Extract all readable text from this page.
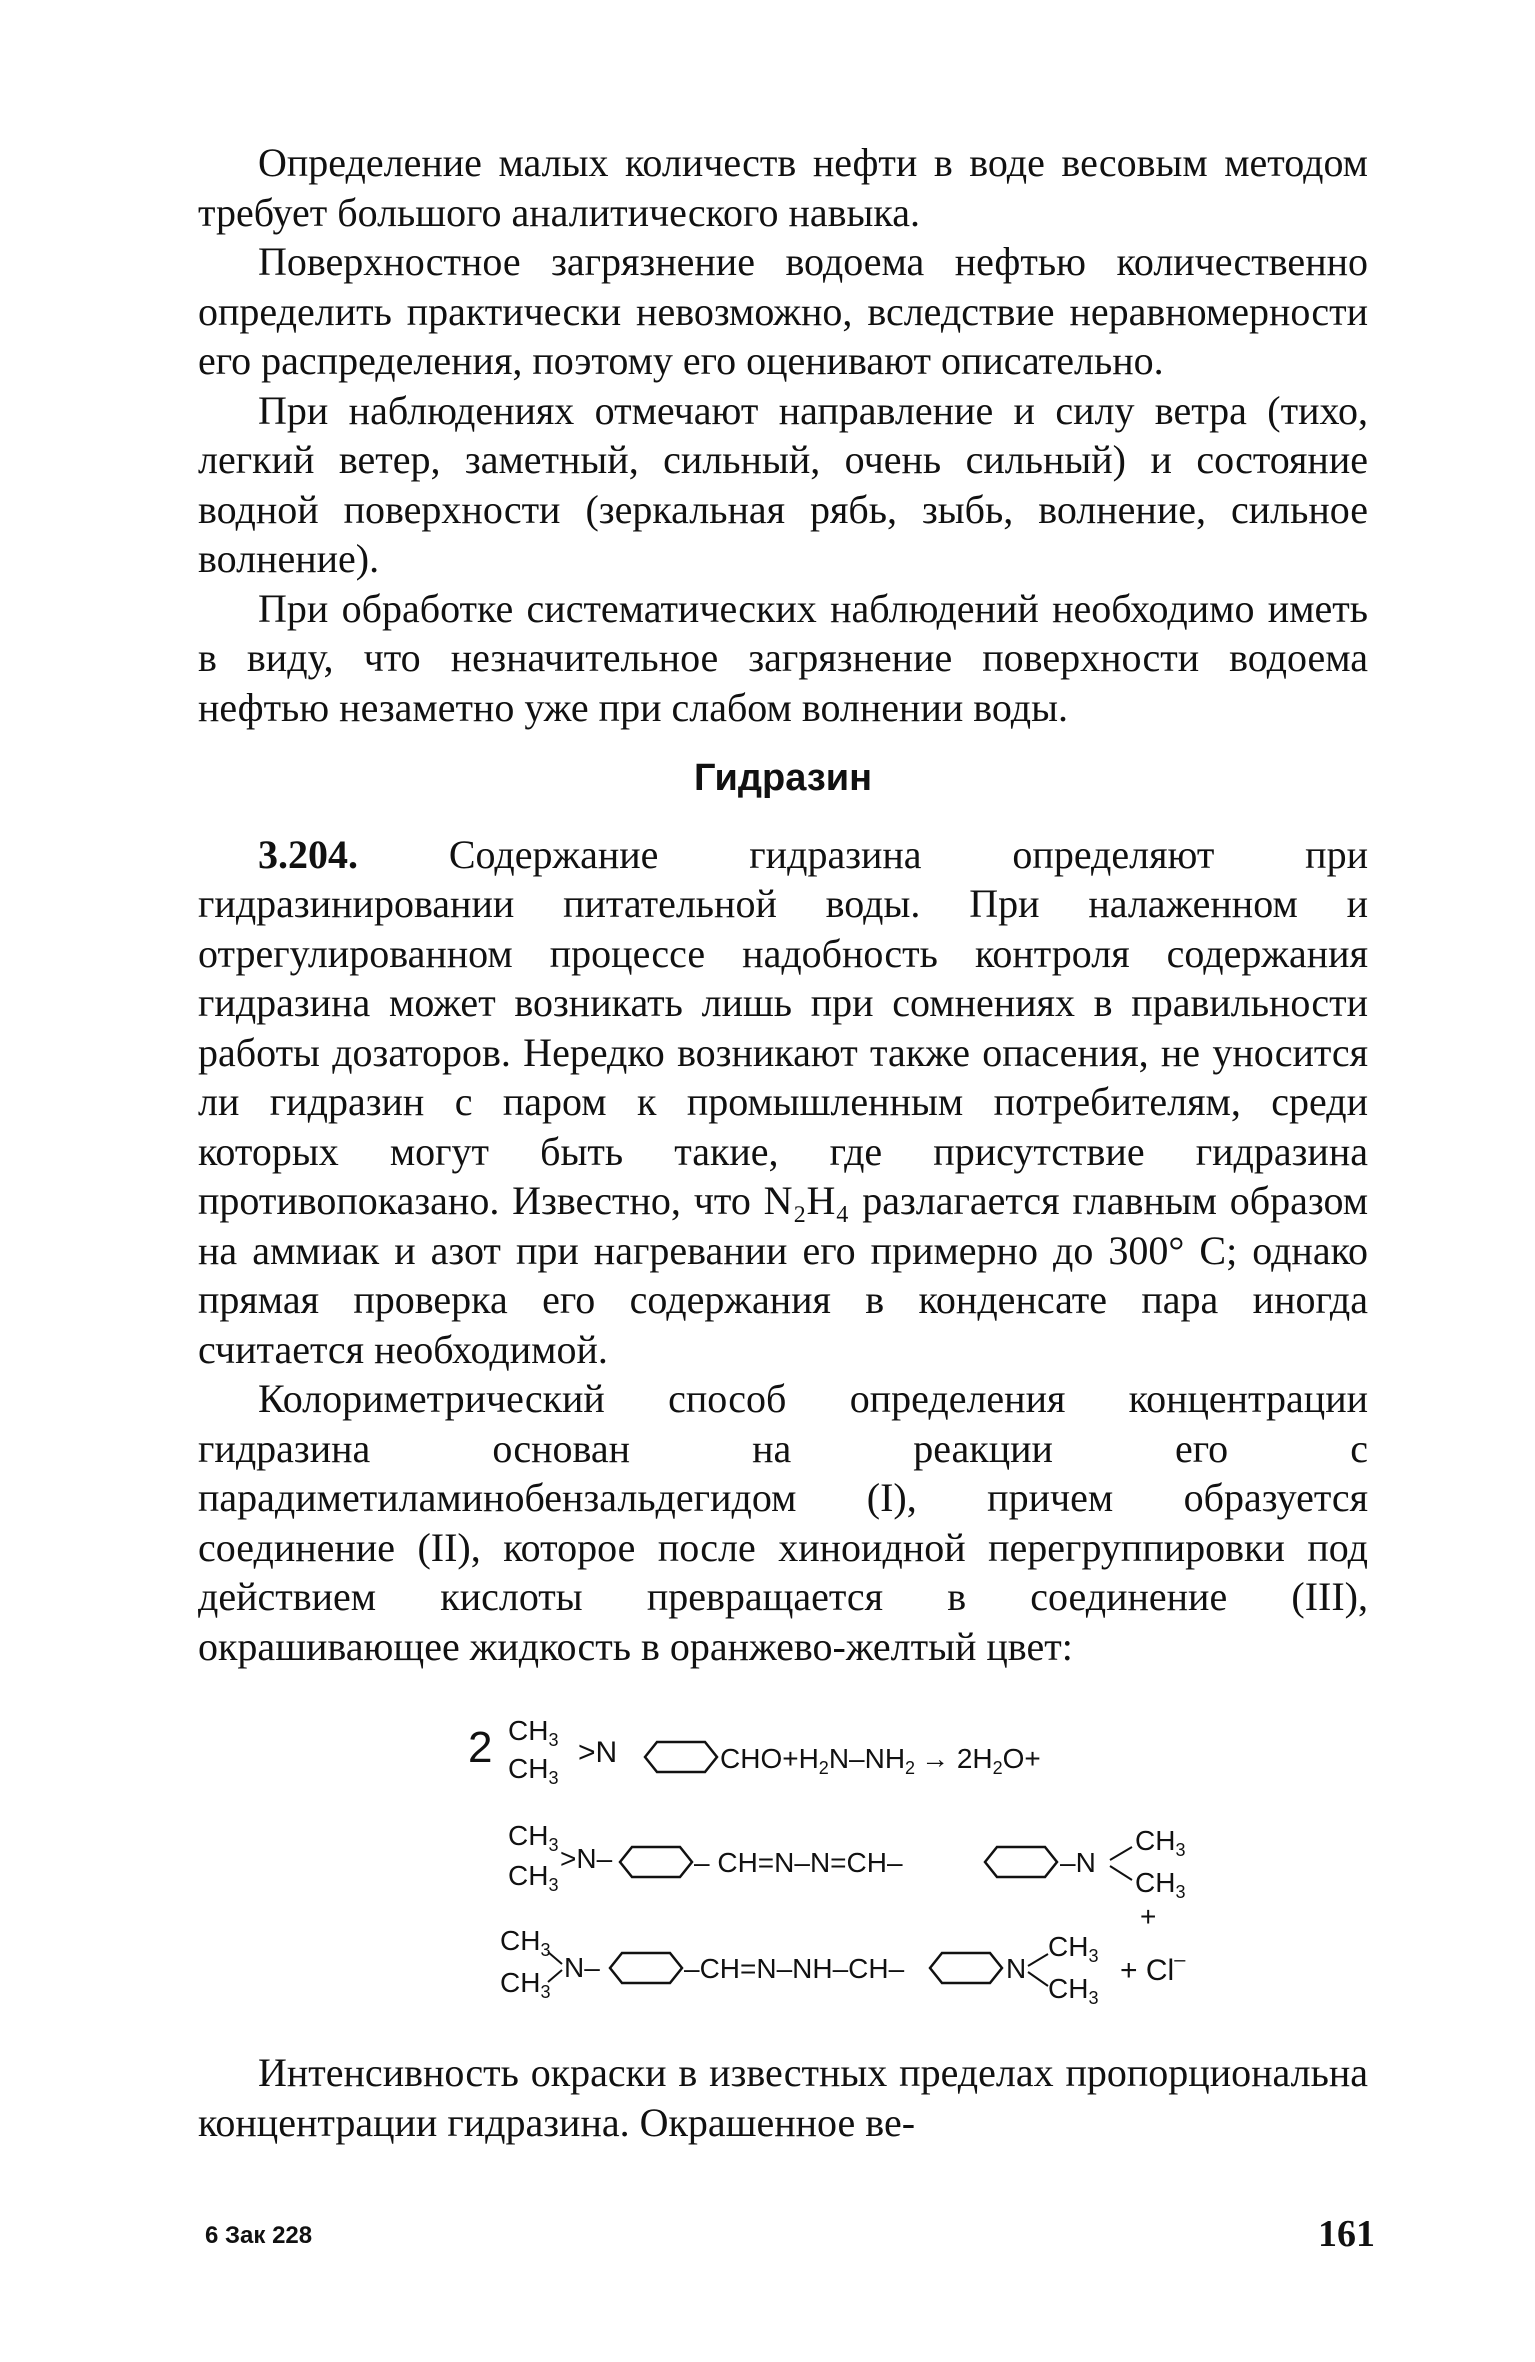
Определение малых количеств нефти в воде весовым методом требует большого аналитического навыка.

Поверхностное загрязнение водоема нефтью количественно определить практически невозможно, вследствие неравномерности его распределения, поэтому его оценивают описательно.

При наблюдениях отмечают направление и силу ветра (тихо, легкий ветер, заметный, сильный, очень сильный) и состояние водной поверхности (зеркальная рябь, зыбь, волнение, сильное волнение).

При обработке систематических наблюдений необходимо иметь в виду, что незначительное загрязнение поверхности водоема нефтью незаметно уже при слабом волнении воды.

Гидразин

3.204. Содержание гидразина определяют при гидразинировании питательной воды. При налаженном и отрегулированном процессе надобность контроля содержания гидразина может возникать лишь при сомнениях в правильности работы дозаторов. Нередко возникают также опасения, не уносится ли гидразин с паром к промышленным потребителям, среди которых могут быть такие, где присутствие гидразина противопоказано. Известно, что N₂H₄ разлагается главным образом на аммиак и азот при нагревании его примерно до 300° С; однако прямая проверка его содержания в конденсате пара иногда считается необходимой.

Колориметрический способ определения концентрации гидразина основан на реакции его с парадиметиламинобензальдегидом (I), причем образуется соединение (II), которое после хиноидной перегруппировки под действием кислоты превращается в соединение (III), окрашивающее жидкость в оранжево-желтый цвет:

2 $CH_3$
$CH_3$
>N	$CHO+H_2N-NH_2 \to 2H_2O+$
$CH_3$
$CH_3$
>N–	– CH=N–N=CH–	–N
$CH_3$
$CH_3$
$CH_3$
$CH_3$
N–	–CH=N–NH–CH–	N
$CH_3$
$CH_3$
+
+ Cl–

Интенсивность окраски в известных пределах пропорциональна концентрации гидразина. Окрашенное ве-

6 Зак 228	161
